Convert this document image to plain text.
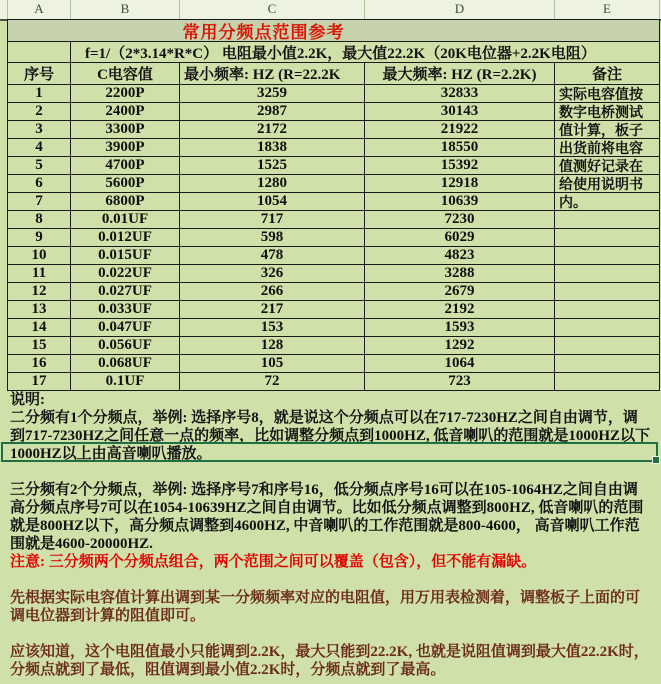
A	B	C	D	E
常用分频点范围参考
f=1/（2*3.14*R*C） 电阻最小值2.2K，最大值22.2K（20K电位器+2.2K电阻）
序号	C电容值	最小频率: HZ (R=22.2K	最大频率: HZ (R=2.2K)	备注
1	2200P	3259	32833	实际电容值按
2	2400P	2987	30143	数字电桥测试
3	3300P	2172	21922	值计算，板子
4	3900P	1838	18550	出货前将电容
5	4700P	1525	15392	值测好记录在
6	5600P	1280	12918	给使用说明书
7	6800P	1054	10639	内。
8	0.01UF	717	7230
9	0.012UF	598	6029
10	0.015UF	478	4823
11	0.022UF	326	3288
12	0.027UF	266	2679
13	0.033UF	217	2192
14	0.047UF	153	1593
15	0.056UF	128	1292
16	0.068UF	105	1064
17	0.1UF	72	723
说明:
二分频有1个分频点，举例: 选择序号8，就是说这个分频点可以在717-7230HZ之间自由调节，调
到717-7230HZ之间任意一点的频率，比如调整分频点到1000HZ, 低音喇叭的范围就是1000HZ以下
1000HZ以上由高音喇叭播放。
三分频有2个分频点，举例: 选择序号7和序号16，低分频点序号16可以在105-1064HZ之间自由调
高分频点序号7可以在1054-10639HZ之间自由调节。比如低分频点调整到800HZ, 低音喇叭的范围
就是800HZ以下，高分频点调整到4600HZ, 中音喇叭的工作范围就是800-4600， 高音喇叭工作范
围就是4600-20000HZ.
注意: 三分频两个分频点组合，两个范围之间可以覆盖（包含），但不能有漏缺。
先根据实际电容值计算出调到某一分频频率对应的电阻值，用万用表检测着，调整板子上面的可
调电位器到计算的阻值即可。
应该知道，这个电阻值最小只能调到2.2K，最大只能到22.2K, 也就是说阻值调到最大值22.2K时，
分频点就到了最低，阻值调到最小值2.2K时，分频点就到了最高。
